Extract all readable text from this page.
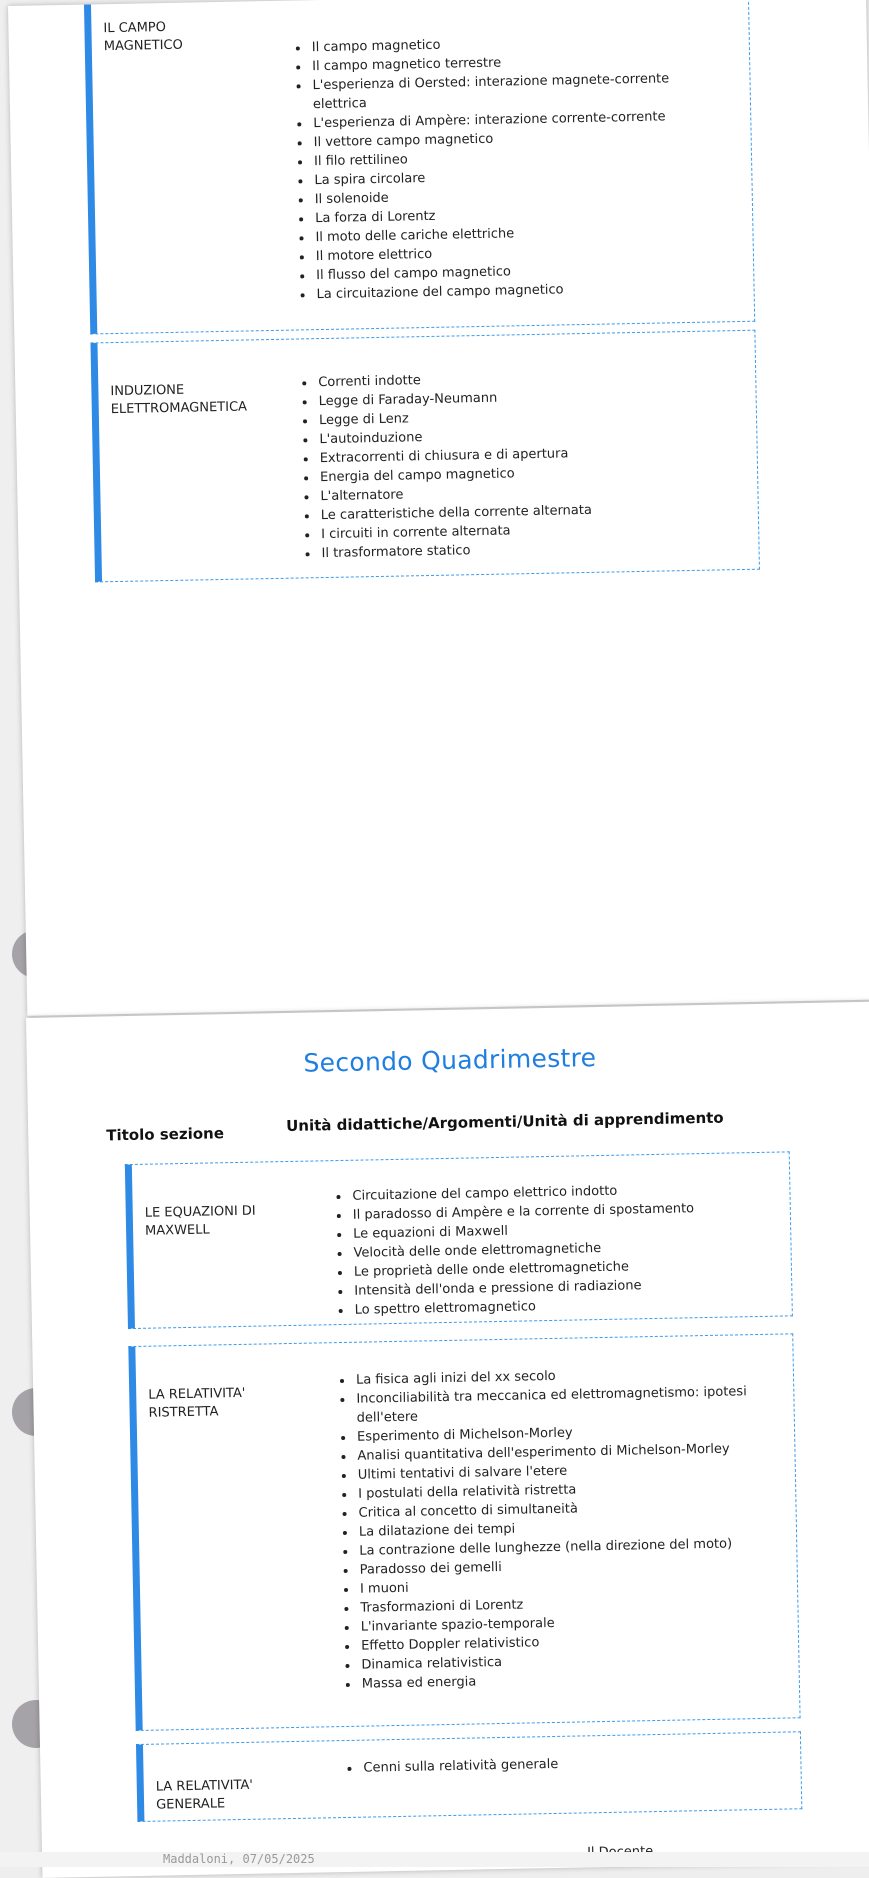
IL CAMPO
MAGNETICO
•	Il campo magnetico
• Il campo magnetico terrestre
• L'esperienza di Oersted: interazione magnete-corrente elettrica
• L'esperienza di Ampère: interazione corrente-corrente
• Il vettore campo magnetico
• Il filo rettilineo
• La spira circolare
• Il solenoide
• La forza di Lorentz
• Il moto delle cariche elettriche
• Il motore elettrico
• Il flusso del campo magnetico
• La circuitazione del campo magnetico
INDUZIONE
ELETTROMAGNETICA
• Correnti indotte
• Legge di Faraday-Neumann
• Legge di Lenz
• L'autoinduzione
• Extracorrenti di chiusura e di apertura
• Energia del campo magnetico
• L'alternatore
• Le caratteristiche della corrente alternata
• I circuiti in corrente alternata
• Il trasformatore statico
Secondo Quadrimestre
Titolo sezione	Unità didattiche/Argomenti/Unità di apprendimento
LE EQUAZIONI DI
MAXWELL
• Circuitazione del campo elettrico indotto
• Il paradosso di Ampère e la corrente di spostamento
• Le equazioni di Maxwell
• Velocità delle onde elettromagnetiche
• Le proprietà delle onde elettromagnetiche
• Intensità dell'onda e pressione di radiazione
• Lo spettro elettromagnetico
LA RELATIVITA'
RISTRETTA
• La fisica agli inizi del xx secolo
• Inconciliabilità tra meccanica ed elettromagnetismo: ipotesi dell'etere
• Esperimento di Michelson-Morley
• Analisi quantitativa dell'esperimento di Michelson-Morley
• Ultimi tentativi di salvare l'etere
• I postulati della relatività ristretta
• Critica al concetto di simultaneità
• La dilatazione dei tempi
• La contrazione delle lunghezze (nella direzione del moto)
• Paradosso dei gemelli
• I muoni
• Trasformazioni di Lorentz
• L'invariante spazio-temporale
• Effetto Doppler relativistico
• Dinamica relativistica
• Massa ed energia
LA RELATIVITA'
GENERALE
• Cenni sulla relatività generale
Maddaloni, 07/05/2025
